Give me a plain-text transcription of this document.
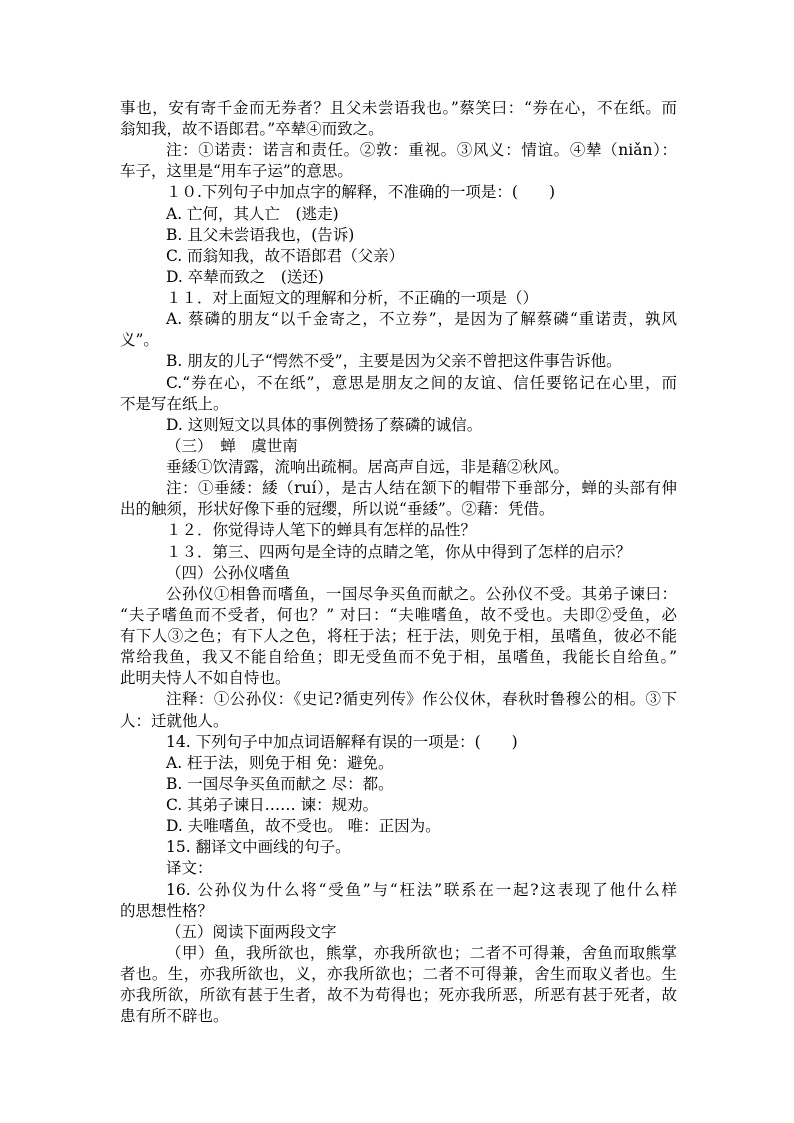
事也，安有寄千金而无券者？且父未尝语我也。”蔡笑曰：“券在心，不在纸。而
翁知我，故不语郎君。”卒辇④而致之。
注：①诺责：诺言和责任。②敦：重视。③风义：情谊。④辇（niǎn）：
车子，这里是“用车子运”的意思。
１０.下列句子中加点字的解释，不准确的一项是：(　　)
A. 亡何，其人亡　(逃走)
B. 且父未尝语我也，(告诉)
C. 而翁知我，故不语郎君（父亲）
D. 卒辇而致之　(送还)
１１．对上面短文的理解和分析，不正确的一项是（）
A. 蔡磷的朋友“以千金寄之，不立券”，是因为了解蔡磷“重诺责，孰风
义”。
B. 朋友的儿子“愕然不受”，主要是因为父亲不曾把这件事告诉他。
C.“券在心，不在纸”，意思是朋友之间的友谊、信任要铭记在心里，而
不是写在纸上。
D. 这则短文以具体的事例赞扬了蔡磷的诚信。
（三）　蝉　虞世南
垂緌①饮清露，流响出疏桐。居高声自远，非是藉②秋风。
注：①垂緌：緌（ruí），是古人结在颔下的帽带下垂部分，蝉的头部有伸
出的触须，形状好像下垂的冠缨，所以说“垂緌”。②藉：凭借。
１２．你觉得诗人笔下的蝉具有怎样的品性？
１３．第三、四两句是全诗的点睛之笔，你从中得到了怎样的启示？
（四）公孙仪嗜鱼
公孙仪①相鲁而嗜鱼，一国尽争买鱼而献之。公孙仪不受。其弟子谏曰：
“夫子嗜鱼而不受者，何也？” 对曰：“夫唯嗜鱼，故不受也。夫即②受鱼，必
有下人③之色；有下人之色，将枉于法；枉于法，则免于相，虽嗜鱼，彼必不能
常给我鱼，我又不能自给鱼；即无受鱼而不免于相，虽嗜鱼，我能长自给鱼。”
此明夫恃人不如自恃也。
注释：①公孙仪：《史记?循吏列传》作公仪休，春秋时鲁穆公的相。③下
人：迁就他人。
14. 下列句子中加点词语解释有误的一项是：(　　)
A. 枉于法，则免于相 免：避免。
B. 一国尽争买鱼而献之 尽：都。
C. 其弟子谏日…… 谏：规劝。
D. 夫唯嗜鱼，故不受也。 唯：正因为。
15. 翻译文中画线的句子。
译文：
16. 公孙仪为什么将“受鱼”与“枉法”联系在一起?这表现了他什么样
的思想性格？
（五）阅读下面两段文字
（甲）鱼，我所欲也，熊掌，亦我所欲也；二者不可得兼，舍鱼而取熊掌
者也。生，亦我所欲也，义，亦我所欲也；二者不可得兼，舍生而取义者也。生
亦我所欲，所欲有甚于生者，故不为苟得也；死亦我所恶，所恶有甚于死者，故
患有所不辟也。
